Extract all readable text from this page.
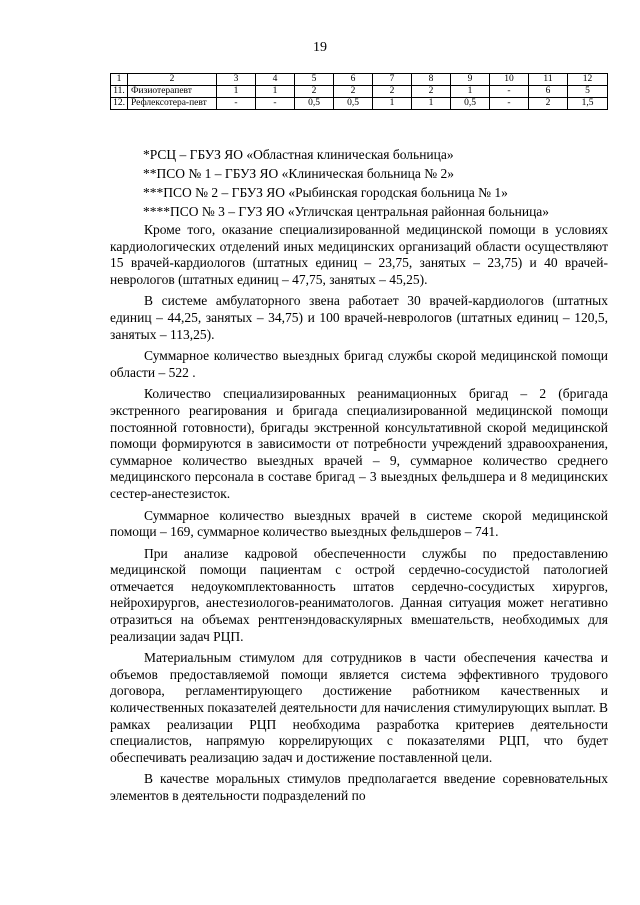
19
1	2	3	4	5	6	7	8	9	10	11	12
11.	Физиотерапевт	1	1	2	2	2	2	1	-	6	5
12.	Рефлексотера-певт	-	-	0,5	0,5	1	1	0,5	-	2	1,5
*РСЦ – ГБУЗ ЯО «Областная клиническая больница»
**ПСО № 1 – ГБУЗ ЯО «Клиническая больница № 2»
***ПСО № 2 – ГБУЗ ЯО «Рыбинская городская больница № 1»
****ПСО № 3 – ГУЗ ЯО «Угличская центральная районная больница»

Кроме того, оказание специализированной медицинской помощи в условиях кардиологических отделений иных медицинских организаций области осуществляют 15 врачей-кардиологов (штатных единиц – 23,75, занятых – 23,75) и 40 врачей-неврологов (штатных единиц – 47,75, занятых – 45,25).

В системе амбулаторного звена работает 30 врачей-кардиологов (штатных единиц – 44,25, занятых – 34,75) и 100 врачей-неврологов (штатных единиц – 120,5, занятых – 113,25).

Суммарное количество выездных бригад службы скорой медицинской помощи области – 522 .

Количество специализированных реанимационных бригад – 2 (бригада экстренного реагирования и бригада специализированной медицинской помощи постоянной готовности), бригады экстренной консультативной скорой медицинской помощи формируются в зависимости от потребности учреждений здравоохранения, суммарное количество выездных врачей – 9, суммарное количество среднего медицинского персонала в составе бригад – 3 выездных фельдшера и 8 медицинских сестер-анестезисток.

Суммарное количество выездных врачей в системе скорой медицинской помощи – 169, суммарное количество выездных фельдшеров – 741.

При анализе кадровой обеспеченности службы по предоставлению медицинской помощи пациентам с острой сердечно-сосудистой патологией отмечается недоукомплектованность штатов сердечно-сосудистых хирургов, нейрохирургов, анестезиологов-реаниматологов. Данная ситуация может негативно отразиться на объемах рентгенэндоваскулярных вмешательств, необходимых для реализации задач РЦП.

Материальным стимулом для сотрудников в части обеспечения качества и объемов предоставляемой помощи является система эффективного трудового договора, регламентирующего достижение работником качественных и количественных показателей деятельности для начисления стимулирующих выплат. В рамках реализации РЦП необходима разработка критериев деятельности специалистов, напрямую коррелирующих с показателями РЦП, что будет обеспечивать реализацию задач и достижение поставленной цели.

В качестве моральных стимулов предполагается введение соревновательных элементов в деятельности подразделений по
